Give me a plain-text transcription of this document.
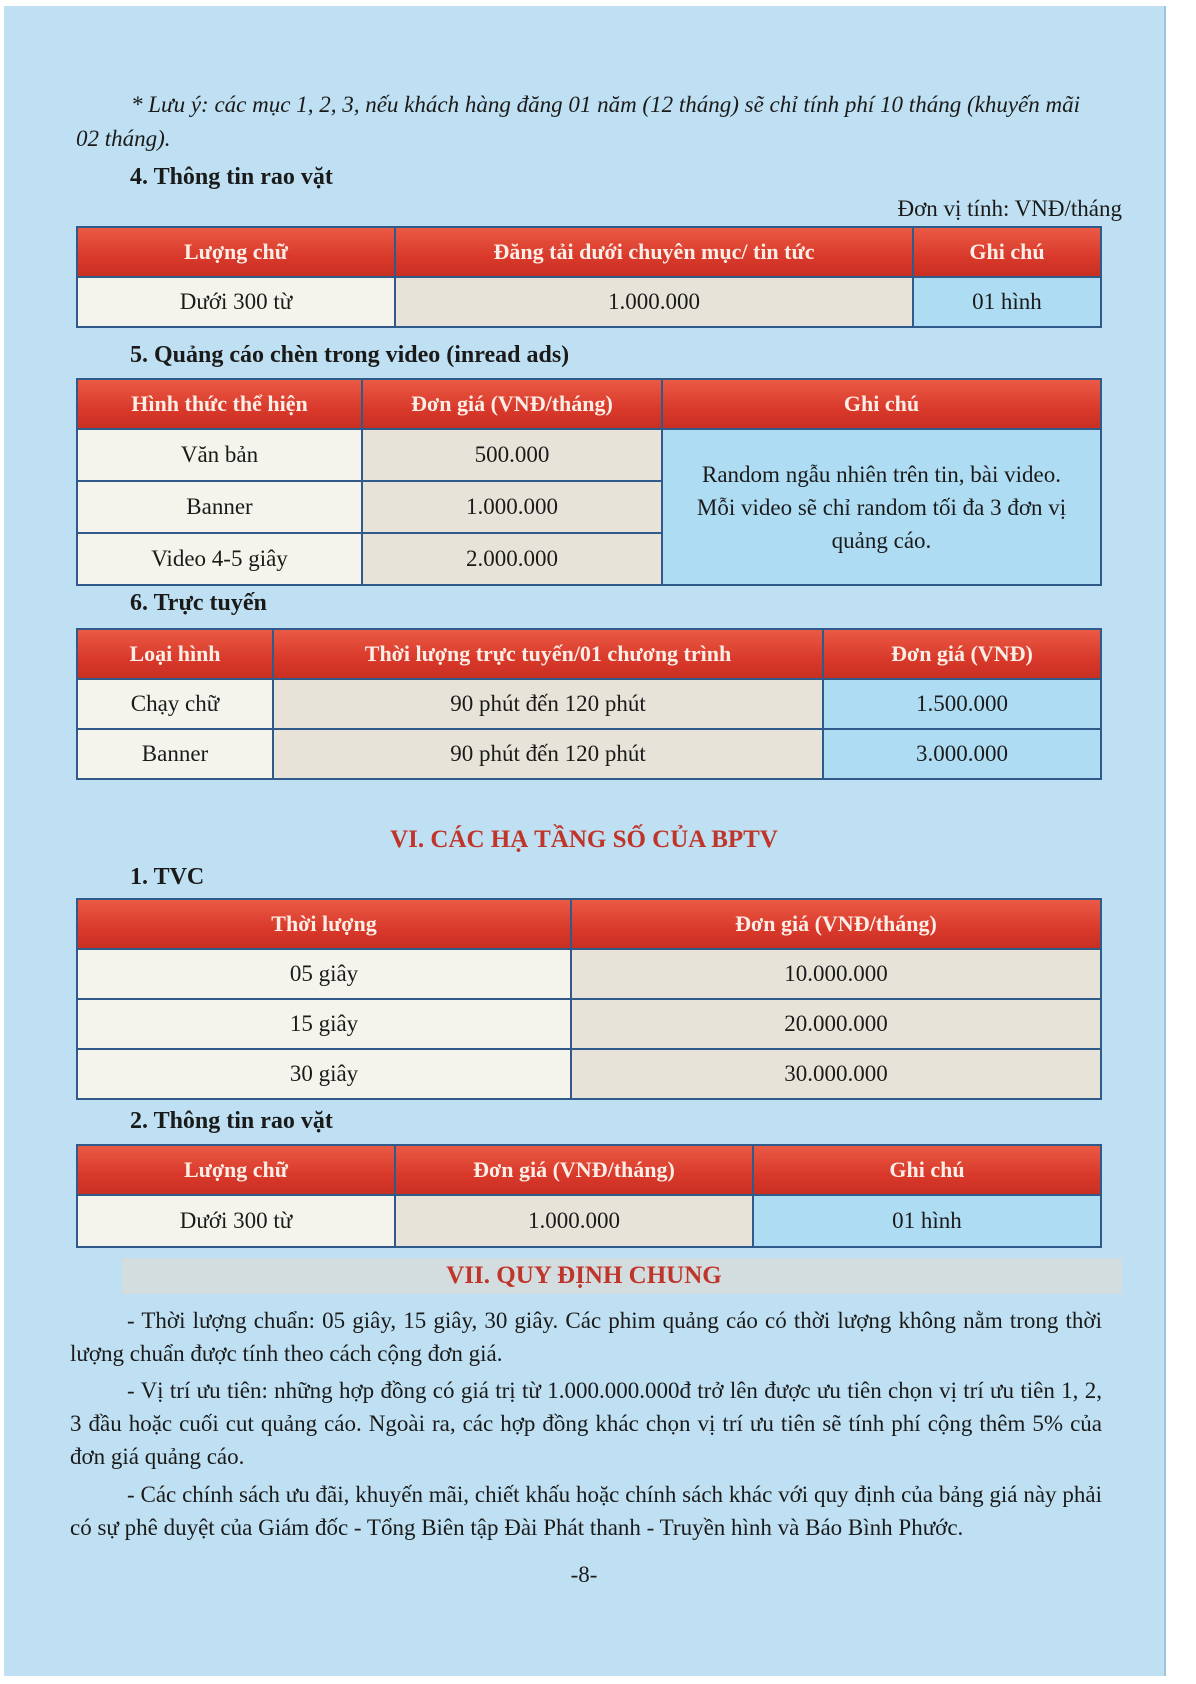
* Lưu ý: các mục 1, 2, 3, nếu khách hàng đăng 01 năm (12 tháng) sẽ chỉ tính phí 10 tháng (khuyến mãi 02 tháng).
4. Thông tin rao vặt
Đơn vị tính: VNĐ/tháng
Lượng chữ	Đăng tải dưới chuyên mục/ tin tức	Ghi chú
Dưới 300 từ	1.000.000	01 hình
5. Quảng cáo chèn trong video (inread ads)
Hình thức thể hiện	Đơn giá (VNĐ/tháng)	Ghi chú
Văn bản	500.000	Random ngẫu nhiên trên tin, bài video. Mỗi video sẽ chỉ random tối đa 3 đơn vị quảng cáo.
Banner	1.000.000	
Video 4-5 giây	2.000.000	
6. Trực tuyến
Loại hình	Thời lượng trực tuyến/01 chương trình	Đơn giá (VNĐ)
Chạy chữ	90 phút đến 120 phút	1.500.000
Banner	90 phút đến 120 phút	3.000.000
VI. CÁC HẠ TẦNG SỐ CỦA BPTV
1. TVC
Thời lượng	Đơn giá (VNĐ/tháng)
05 giây	10.000.000
15 giây	20.000.000
30 giây	30.000.000
2. Thông tin rao vặt
Lượng chữ	Đơn giá (VNĐ/tháng)	Ghi chú
Dưới 300 từ	1.000.000	01 hình
VII. QUY ĐỊNH CHUNG
- Thời lượng chuẩn: 05 giây, 15 giây, 30 giây. Các phim quảng cáo có thời lượng không nằm trong thời lượng chuẩn được tính theo cách cộng đơn giá.
- Vị trí ưu tiên: những hợp đồng có giá trị từ 1.000.000.000đ trở lên được ưu tiên chọn vị trí ưu tiên 1, 2, 3 đầu hoặc cuối cut quảng cáo. Ngoài ra, các hợp đồng khác chọn vị trí ưu tiên sẽ tính phí cộng thêm 5% của đơn giá quảng cáo.
- Các chính sách ưu đãi, khuyến mãi, chiết khấu hoặc chính sách khác với quy định của bảng giá này phải có sự phê duyệt của Giám đốc - Tổng Biên tập Đài Phát thanh - Truyền hình và Báo Bình Phước.
-8-
